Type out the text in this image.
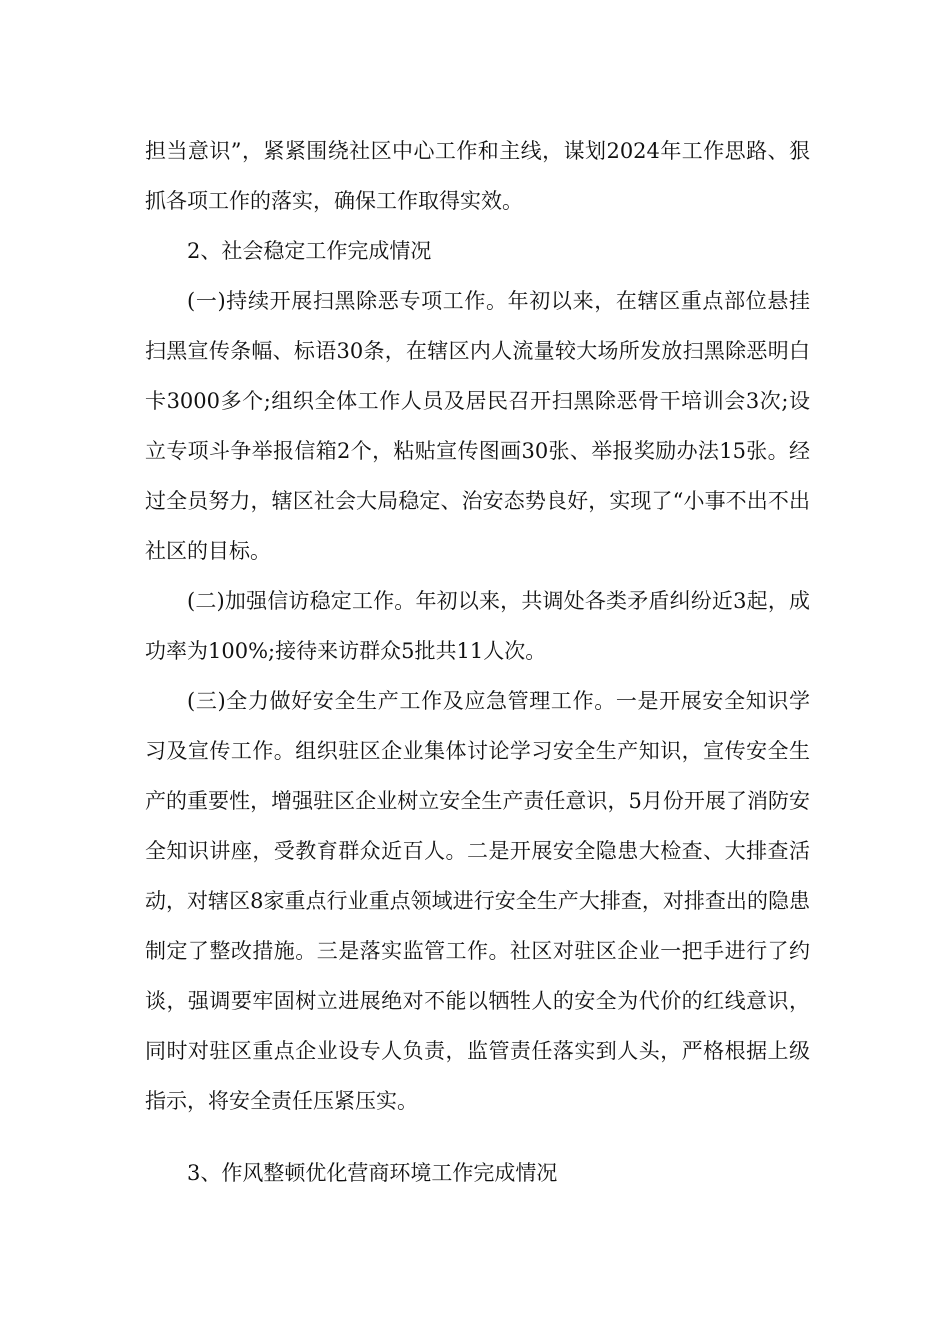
担当意识”，紧紧围绕社区中心工作和主线，谋划2024年工作思路、狠抓各项工作的落实，确保工作取得实效。

2、社会稳定工作完成情况

(一)持续开展扫黑除恶专项工作。年初以来，在辖区重点部位悬挂扫黑宣传条幅、标语30条，在辖区内人流量较大场所发放扫黑除恶明白卡3000多个;组织全体工作人员及居民召开扫黑除恶骨干培训会3次;设立专项斗争举报信箱2个，粘贴宣传图画30张、举报奖励办法15张。经过全员努力，辖区社会大局稳定、治安态势良好，实现了“小事不出不出社区的目标。

(二)加强信访稳定工作。年初以来，共调处各类矛盾纠纷近3起，成功率为100%;接待来访群众5批共11人次。

(三)全力做好安全生产工作及应急管理工作。一是开展安全知识学习及宣传工作。组织驻区企业集体讨论学习安全生产知识，宣传安全生产的重要性，增强驻区企业树立安全生产责任意识，5月份开展了消防安全知识讲座，受教育群众近百人。二是开展安全隐患大检查、大排查活动，对辖区8家重点行业重点领域进行安全生产大排查，对排查出的隐患制定了整改措施。三是落实监管工作。社区对驻区企业一把手进行了约谈，强调要牢固树立进展绝对不能以牺牲人的安全为代价的红线意识，同时对驻区重点企业设专人负责，监管责任落实到人头，严格根据上级指示，将安全责任压紧压实。

3、作风整顿优化营商环境工作完成情况
